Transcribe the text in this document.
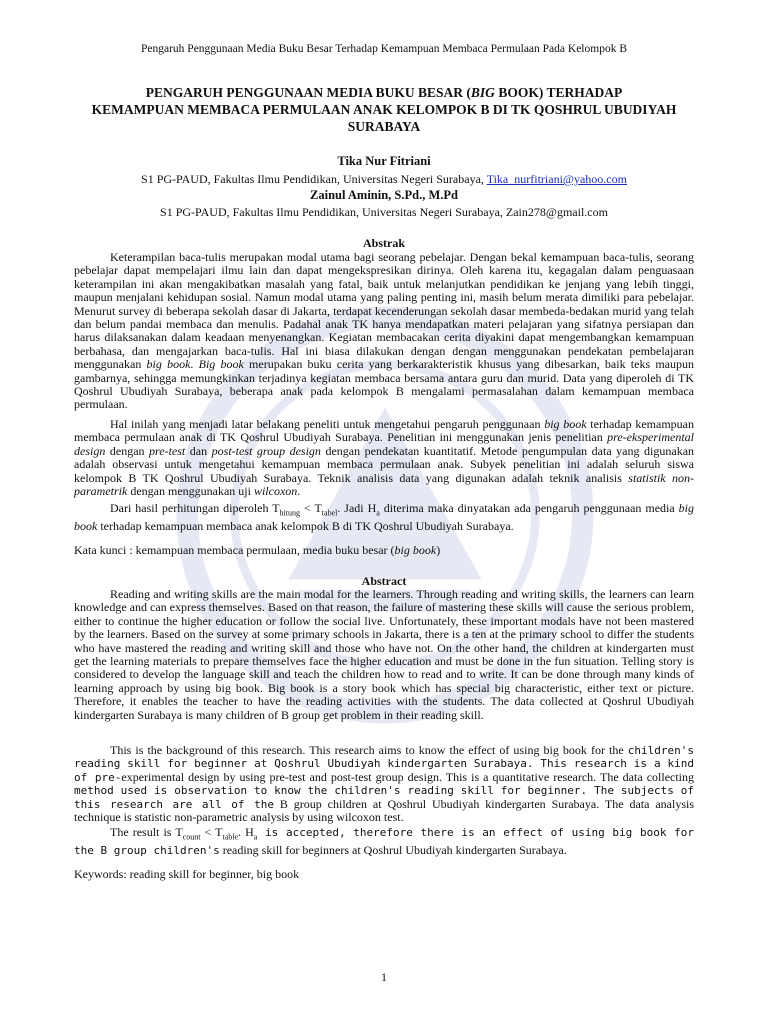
Pengaruh Penggunaan Media Buku Besar Terhadap Kemampuan Membaca Permulaan Pada Kelompok B
PENGARUH PENGGUNAAN MEDIA BUKU BESAR (BIG BOOK) TERHADAP
KEMAMPUAN MEMBACA PERMULAAN ANAK KELOMPOK B DI TK QOSHRUL UBUDIYAH
SURABAYA
Tika Nur Fitriani
S1 PG-PAUD, Fakultas Ilmu Pendidikan, Universitas Negeri Surabaya, Tika_nurfitriani@yahoo.com
Zainul Aminin, S.Pd., M.Pd
S1 PG-PAUD, Fakultas Ilmu Pendidikan, Universitas Negeri Surabaya, Zain278@gmail.com
Abstrak

Keterampilan baca-tulis merupakan modal utama bagi seorang pebelajar. Dengan bekal kemampuan baca-tulis, seorang pebelajar dapat mempelajari ilmu lain dan dapat mengekspresikan dirinya. Oleh karena itu, kegagalan dalam penguasaan keterampilan ini akan mengakibatkan masalah yang fatal, baik untuk melanjutkan pendidikan ke jenjang yang lebih tinggi, maupun menjalani kehidupan sosial. Namun modal utama yang paling penting ini, masih belum merata dimiliki para pebelajar. Menurut survey di beberapa sekolah dasar di Jakarta, terdapat kecenderungan sekolah dasar membeda-bedakan murid yang telah dan belum pandai membaca dan menulis. Padahal anak TK hanya mendapatkan materi pelajaran yang sifatnya persiapan dan harus dilaksanakan dalam keadaan menyenangkan. Kegiatan membacakan cerita diyakini dapat mengembangkan kemampuan berbahasa, dan mengajarkan baca-tulis. Hal ini biasa dilakukan dengan dengan menggunakan pendekatan pembelajaran menggunakan big book. Big book merupakan buku cerita yang berkarakteristik khusus yang dibesarkan, baik teks maupun gambarnya, sehingga memungkinkan terjadinya kegiatan membaca bersama antara guru dan murid. Data yang diperoleh di TK Qoshrul Ubudiyah Surabaya, beberapa anak pada kelompok B mengalami permasalahan dalam kemampuan membaca permulaan.

Hal inilah yang menjadi latar belakang peneliti untuk mengetahui pengaruh penggunaan big book terhadap kemampuan membaca permulaan anak di TK Qoshrul Ubudiyah Surabaya. Penelitian ini menggunakan jenis penelitian pre-eksperimental design dengan pre-test dan post-test group design dengan pendekatan kuantitatif. Metode pengumpulan data yang digunakan adalah observasi untuk mengetahui kemampuan membaca permulaan anak. Subyek penelitian ini adalah seluruh siswa kelompok B TK Qoshrul Ubudiyah Surabaya. Teknik analisis data yang digunakan adalah teknik analisis statistik non-parametrik dengan menggunakan uji wilcoxon.

Dari hasil perhitungan diperoleh $T_{hitung} < T_{tabel}$. Jadi $H_a$ diterima maka dinyatakan ada pengaruh penggunaan media big book terhadap kemampuan membaca anak kelompok B di TK Qoshrul Ubudiyah Surabaya.

Kata kunci : kemampuan membaca permulaan, media buku besar (big book)

Abstract

Reading and writing skills are the main modal for the learners. Through reading and writing skills, the learners can learn knowledge and can express themselves. Based on that reason, the failure of mastering these skills will cause the serious problem, either to continue the higher education or follow the social live. Unfortunately, these important modals have not been mastered by the learners. Based on the survey at some primary schools in Jakarta, there is a ten at the primary school to differ the students who have mastered the reading and writing skill and those who have not. On the other hand, the children at kindergarten must get the learning materials to prepare themselves face the higher education and must be done in the fun situation. Telling story is considered to develop the language skill and teach the children how to read and to write. It can be done through many kinds of learning approach by using big book. Big book is a story book which has special big characteristic, either text or picture. Therefore, it enables the teacher to have the reading activities with the students. The data collected at Qoshrul Ubudiyah kindergarten Surabaya is many children of B group get problem in their reading skill.

This is the background of this research. This research aims to know the effect of using big book for the children's reading skill for beginner at Qoshrul Ubudiyah kindergarten Surabaya. This research is a kind of pre-experimental design by using pre-test and post-test group design. This is a quantitative research. The data collecting method used is observation to know the children's reading skill for beginner. The subjects of this research are all of the B group children at Qoshrul Ubudiyah kindergarten Surabaya. The data analysis technique is statistic non-parametric analysis by using wilcoxon test.

The result is $T_{count} < T_{table}$. $H_a$ is accepted, therefore there is an effect of using big book for the B group children's reading skill for beginners at Qoshrul Ubudiyah kindergarten Surabaya.

Keywords: reading skill for beginner, big book

1
